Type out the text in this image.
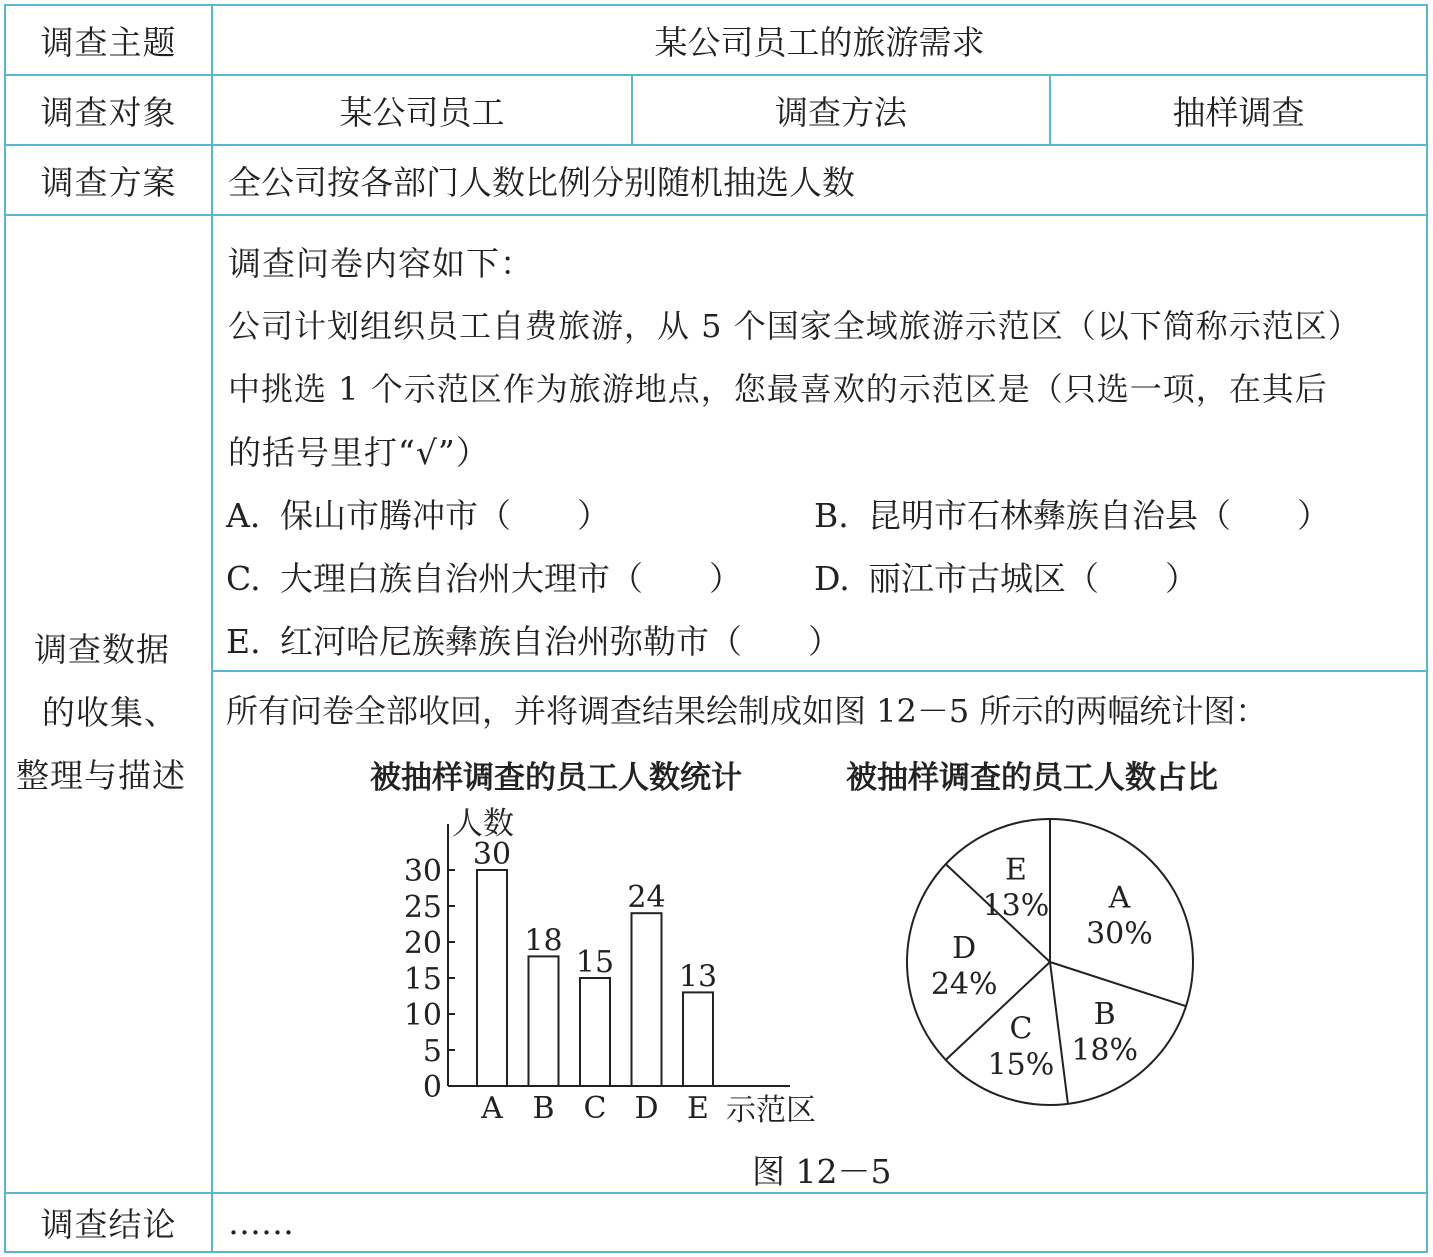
调查主题	某公司员工的旅游需求
调查对象	某公司员工	调查方法	抽样调查
调查方案	全公司按各部门人数比例分别随机抽选人数
调查数据
的收集、
整理与描述
调查问卷内容如下：
公司计划组织员工自费旅游，从 5 个国家全域旅游示范区（以下简称示范区）
中挑选 1 个示范区作为旅游地点，您最喜欢的示范区是（只选一项，在其后
的括号里打“√”）
A. 保山市腾冲市（　　）	B. 昆明市石林彝族自治县（　　）
C. 大理白族自治州大理市（　　） D. 丽江市古城区（　　）
E. 红河哈尼族彝族自治州弥勒市（　　）
所有问卷全部收回，并将调查结果绘制成如图 12－5 所示的两幅统计图：
被抽样调查的员工人数统计	被抽样调查的员工人数占比
人数
0
5
10
15
20
25
30 30
A
18
B
15
C
24
D
13
E 示范区
A
30%
B
18%
C
15%
D
24%
E
13%
图 12－5
调查结论	……
